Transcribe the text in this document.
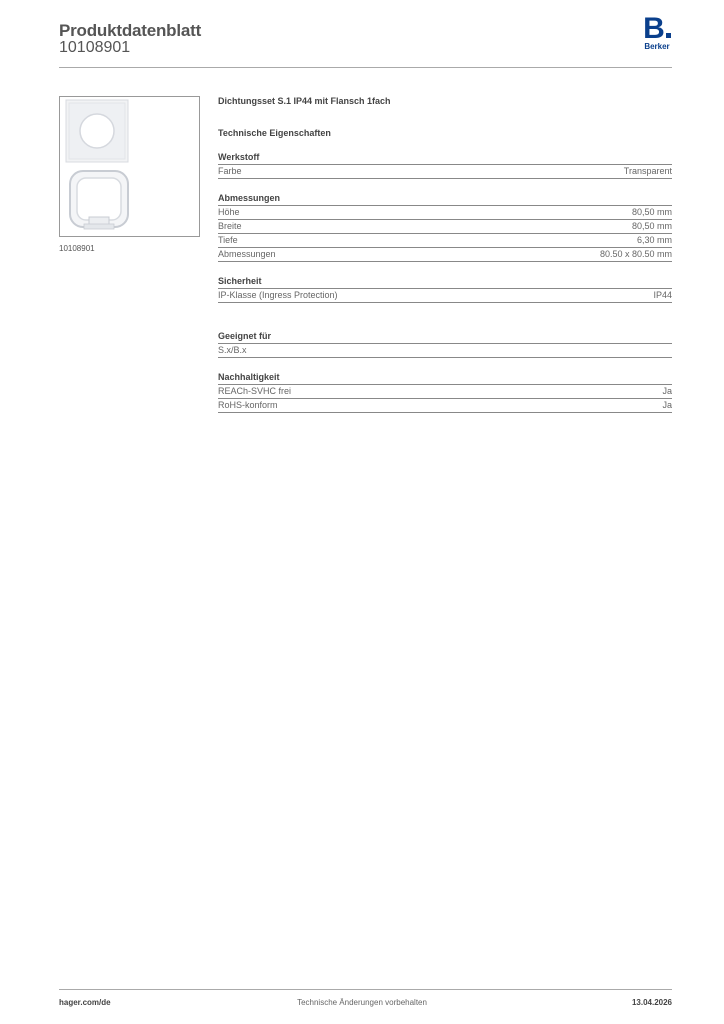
Produktdatenblatt
10108901
B
Berker
10108901
Dichtungsset S.1 IP44 mit Flansch 1fach
Technische Eigenschaften
Werkstoff
Farbe	Transparent
Abmessungen
Höhe	80,50 mm
Breite	80,50 mm
Tiefe	6,30 mm
Abmessungen	80.50 x 80.50 mm
Sicherheit
IP-Klasse (Ingress Protection)	IP44
Geeignet für
S.x/B.x
Nachhaltigkeit
REACh-SVHC frei	Ja
RoHS-konform	Ja
hager.com/de	Technische Änderungen vorbehalten	13.04.2026
